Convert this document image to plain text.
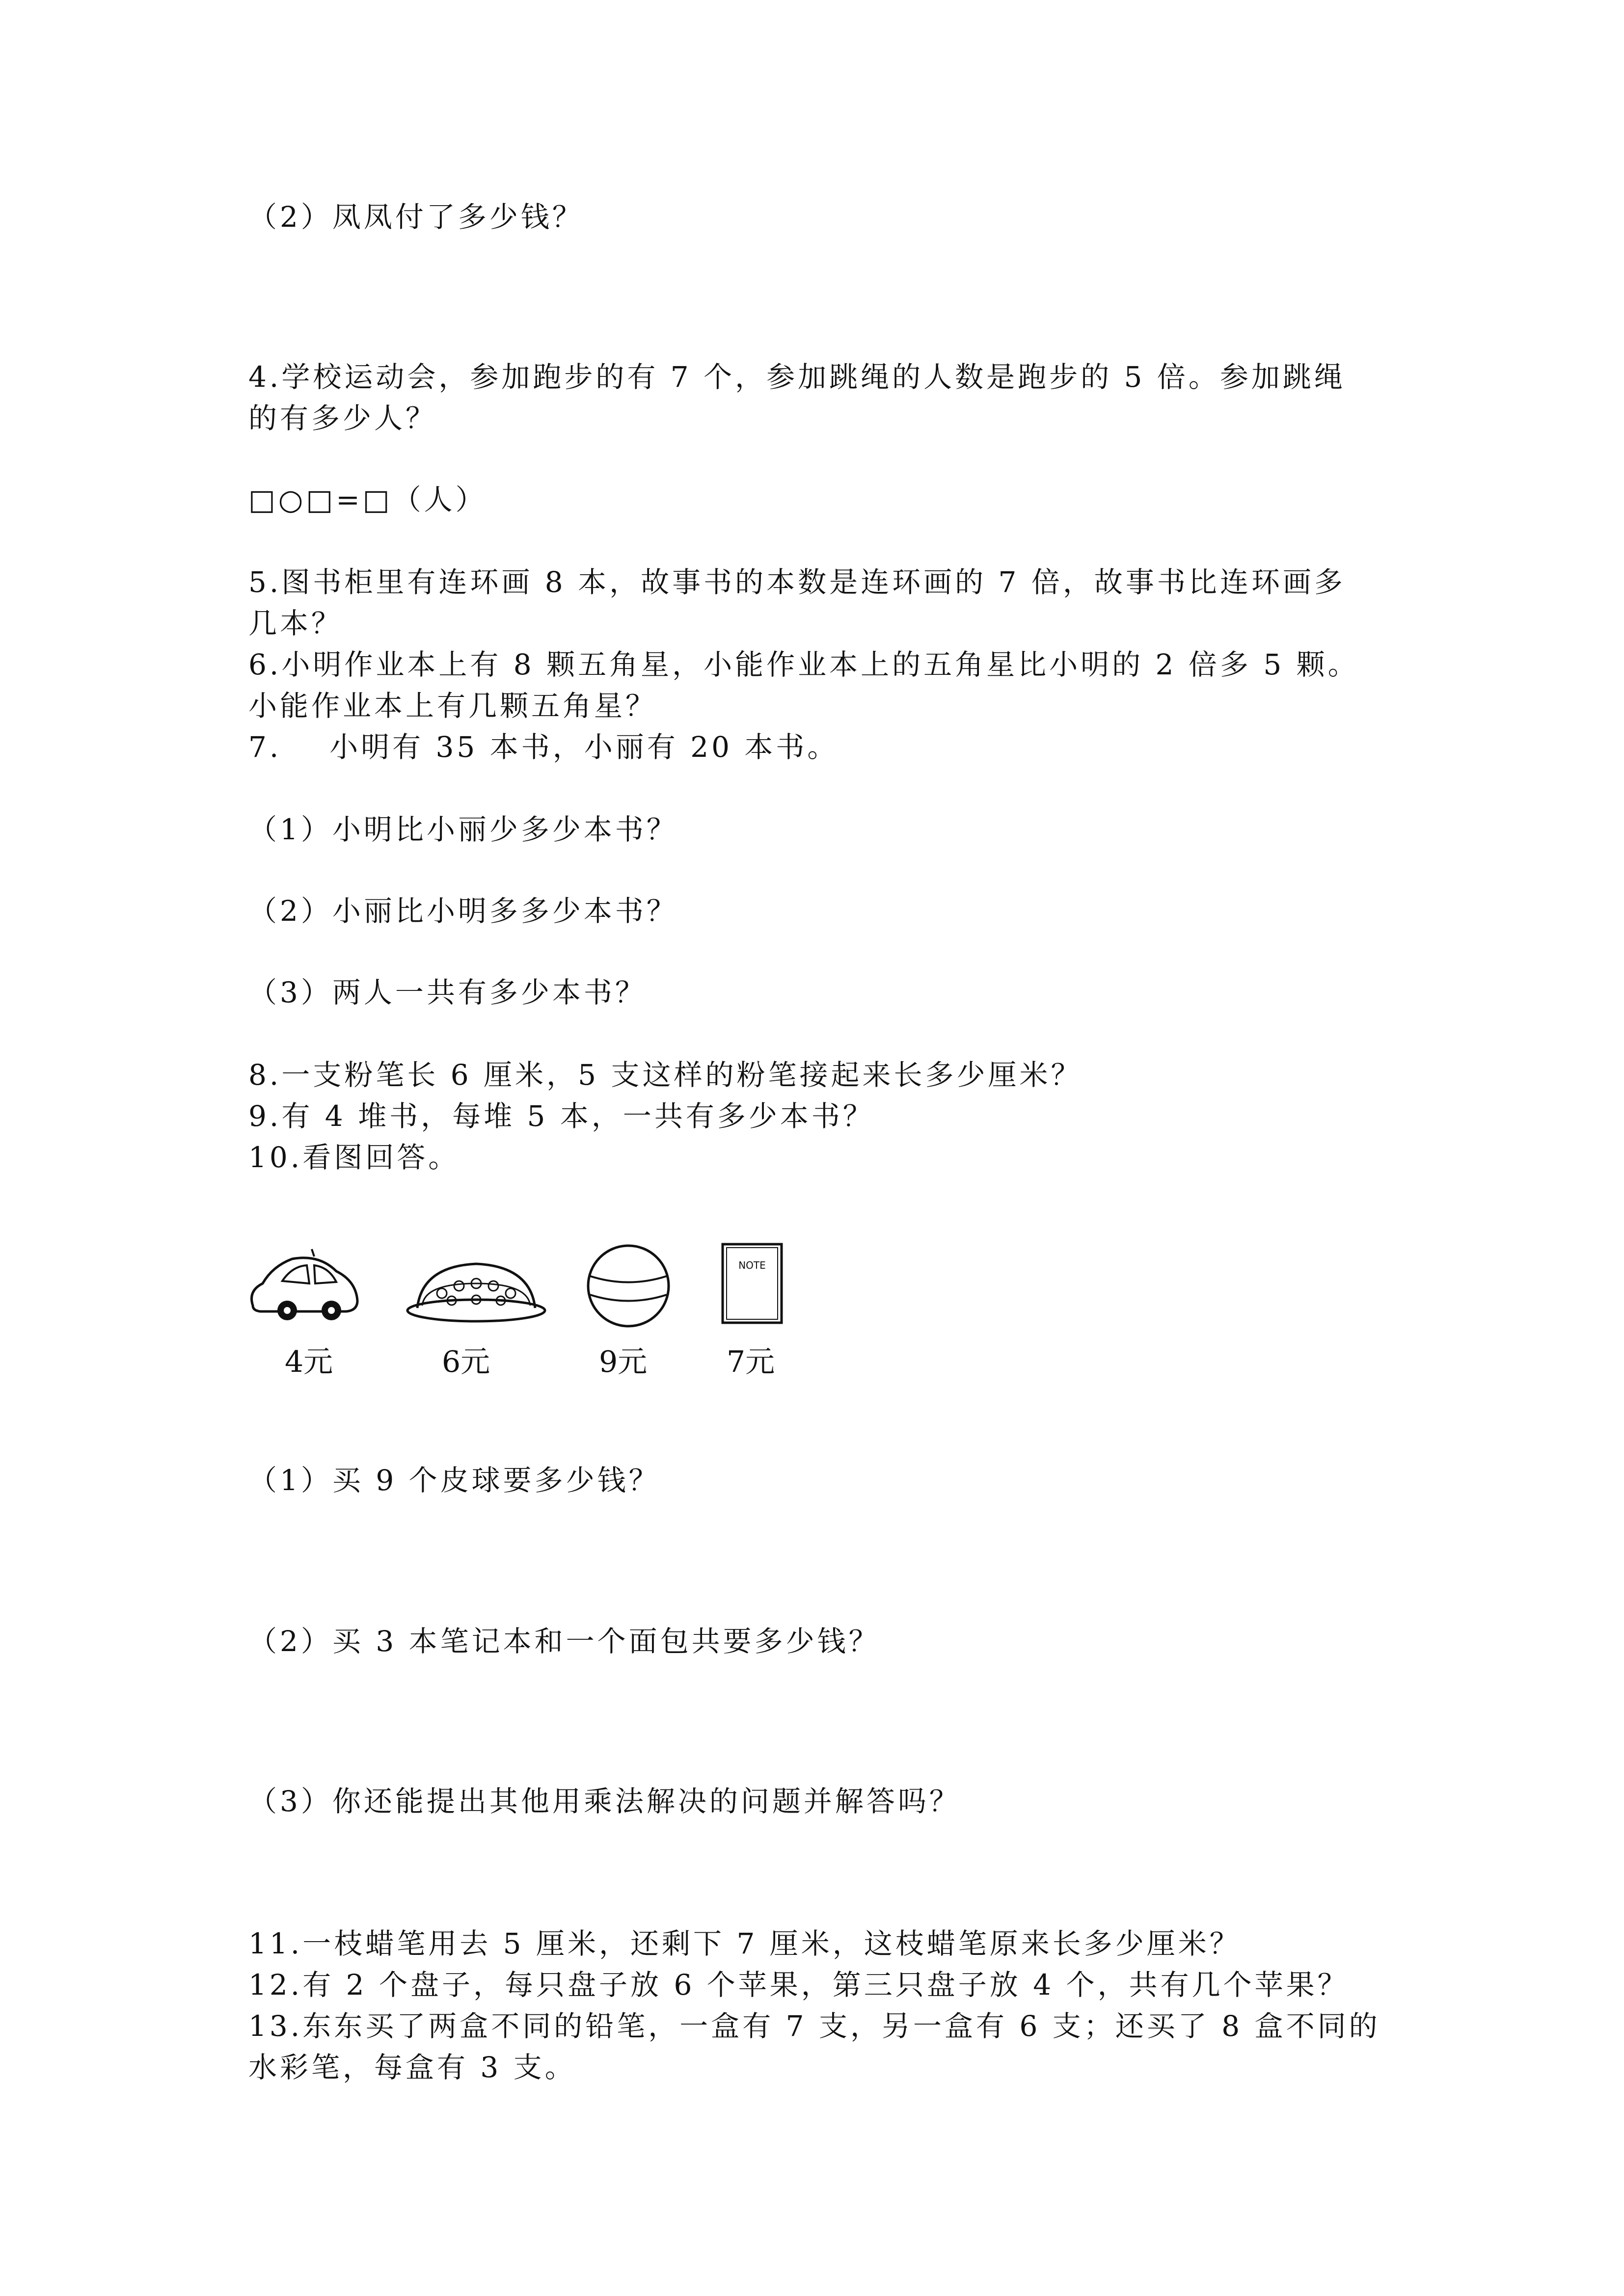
（2）凤凤付了多少钱？
4.学校运动会，参加跑步的有 7 个，参加跳绳的人数是跑步的 5 倍。参加跳绳
的有多少人？
□○□=□（人）
5.图书柜里有连环画 8 本，故事书的本数是连环画的 7 倍，故事书比连环画多
几本？
6.小明作业本上有 8 颗五角星，小能作业本上的五角星比小明的 2 倍多 5 颗。
小能作业本上有几颗五角星？
7.    小明有 35 本书，小丽有 20 本书。
（1）小明比小丽少多少本书？
（2）小丽比小明多多少本书？
（3）两人一共有多少本书？
8.一支粉笔长 6 厘米，5 支这样的粉笔接起来长多少厘米？
9.有 4 堆书，每堆 5 本，一共有多少本书？
10.看图回答。
4元	6元	9元
NOTE
7元
（1）买 9 个皮球要多少钱？
（2）买 3 本笔记本和一个面包共要多少钱？
（3）你还能提出其他用乘法解决的问题并解答吗？
11.一枝蜡笔用去 5 厘米，还剩下 7 厘米，这枝蜡笔原来长多少厘米？
12.有 2 个盘子，每只盘子放 6 个苹果，第三只盘子放 4 个，共有几个苹果？
13.东东买了两盒不同的铅笔，一盒有 7 支，另一盒有 6 支；还买了 8 盒不同的
水彩笔，每盒有 3 支。
